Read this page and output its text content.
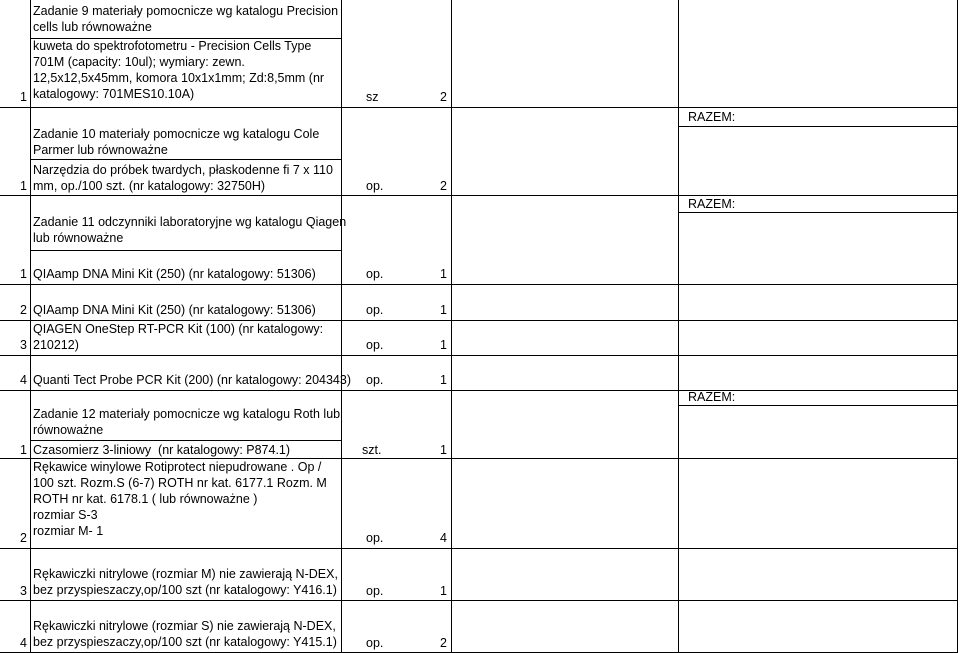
Zadanie 9 materiały pomocnicze wg katalogu Precision
cells lub równoważne
kuweta do spektrofotometru - Precision Cells Type
701M (capacity: 10ul); wymiary: zewn.
12,5x12,5x45mm, komora 10x1x1mm; Zd:8,5mm (nr
katalogowy: 701MES10.10A)
1	sz	2
RAZEM:
Zadanie 10 materiały pomocnicze wg katalogu Cole
Parmer lub równoważne
Narzędzia do próbek twardych, płaskodenne fi 7 x 110
mm, op./100 szt. (nr katalogowy: 32750H)
1	op.	2
RAZEM:
Zadanie 11 odczynniki laboratoryjne wg katalogu Qiagen
lub równoważne
1 QIAamp DNA Mini Kit (250) (nr katalogowy: 51306)	op.	1
2 QIAamp DNA Mini Kit (250) (nr katalogowy: 51306)	op.	1
3
QIAGEN OneStep RT-PCR Kit (100) (nr katalogowy:
210212)	op.	1
4 Quanti Tect Probe PCR Kit (200) (nr katalogowy: 204343) op.	1
RAZEM:
Zadanie 12 materiały pomocnicze wg katalogu Roth lub
równoważne
1 Czasomierz 3-liniowy  (nr katalogowy: P874.1)	szt.	1
2
Rękawice winylowe Rotiprotect niepudrowane . Op /
100 szt. Rozm.S (6-7) ROTH nr kat. 6177.1 Rozm. M
ROTH nr kat. 6178.1 ( lub równoważne )
rozmiar S-3
rozmiar M- 1	op.	4
3
Rękawiczki nitrylowe (rozmiar M) nie zawierają N-DEX,
bez przyspieszaczy,op/100 szt (nr katalogowy: Y416.1) op.	1
4
Rękawiczki nitrylowe (rozmiar S) nie zawierają N-DEX,
bez przyspieszaczy,op/100 szt (nr katalogowy: Y415.1) op.	2
